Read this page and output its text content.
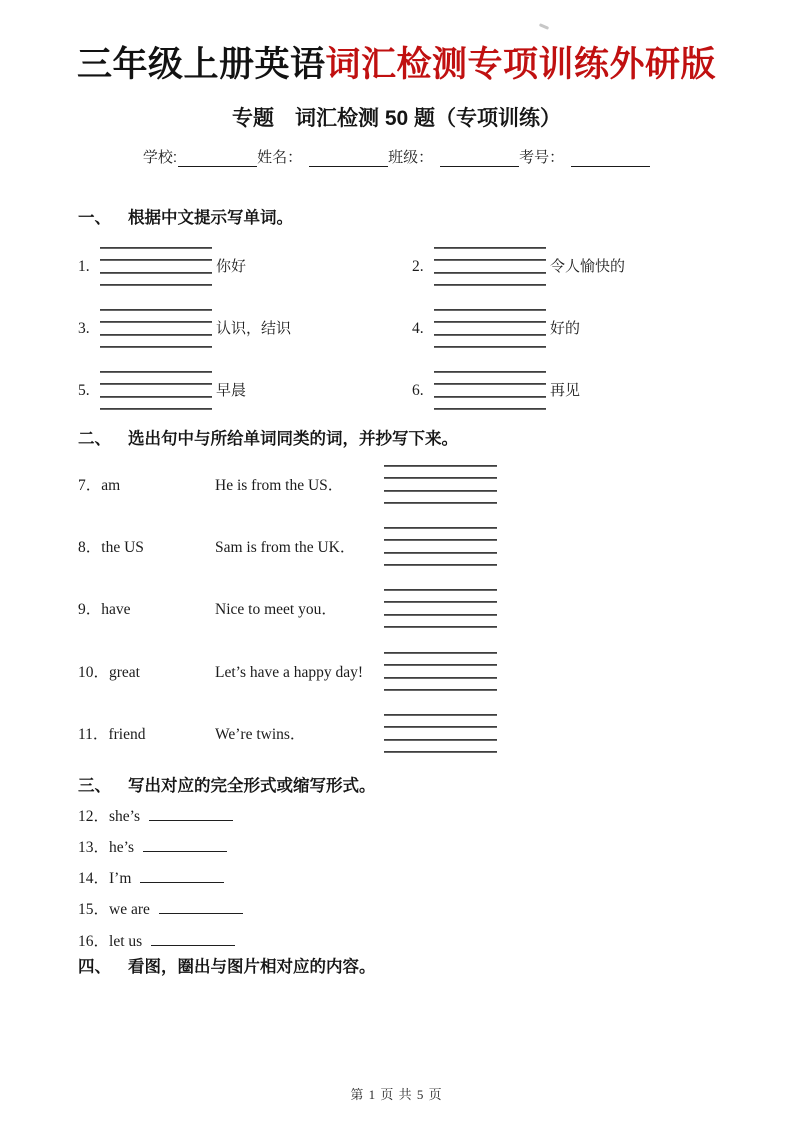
三年级上册英语词汇检测专项训练外研版
专题　词汇检测 50 题（专项训练）
学校:	姓名：	班级：	考号：
一、 根据中文提示写单词。
1.	你好	2.	令人愉快的
3.	认识，结识	4.	好的
5.	早晨	6.	再见
二、 选出句中与所给单词同类的词，并抄写下来。
7．am	He is from the US．
8．the US	Sam is from the UK．
9．have	Nice to meet you．
10．great	Let’s have a happy day!
11．friend	We’re twins．
三、 写出对应的完全形式或缩写形式。
12．she’s
13．he’s
14．I’m
15．we are
16．let us
四、 看图，圈出与图片相对应的内容。
第 1 页 共 5 页
